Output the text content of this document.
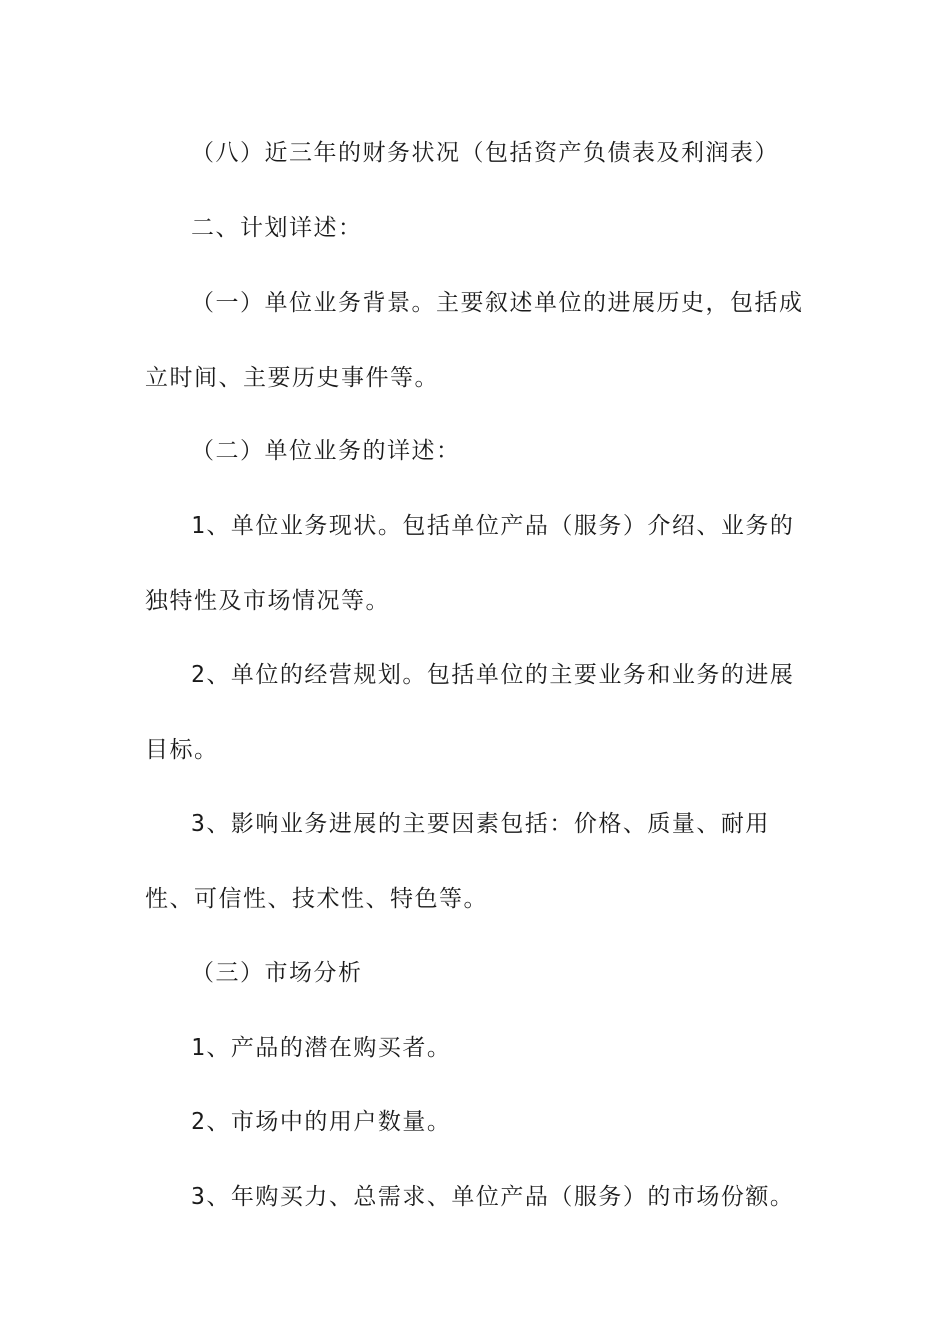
（八）近三年的财务状况（包括资产负债表及利润表）

二、计划详述：

（一）单位业务背景。主要叙述单位的进展历史，包括成立时间、主要历史事件等。

（二）单位业务的详述：

1、单位业务现状。包括单位产品（服务）介绍、业务的独特性及市场情况等。

2、单位的经营规划。包括单位的主要业务和业务的进展目标。

3、影响业务进展的主要因素包括：价格、质量、耐用性、可信性、技术性、特色等。

（三）市场分析

1、产品的潜在购买者。

2、市场中的用户数量。

3、年购买力、总需求、单位产品（服务）的市场份额。
